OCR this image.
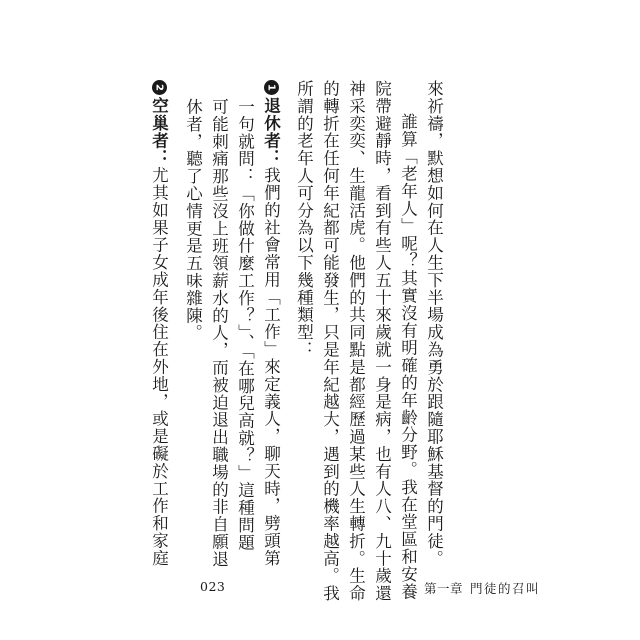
來祈禱，默想如何在人生下半場成為勇於跟隨耶穌基督的門徒。

誰算「老年人」呢？其實沒有明確的年齡分野。我在堂區和安養

院帶避靜時，看到有些人五十來歲就一身是病，也有人八、九十歲還

神采奕奕、生龍活虎。他們的共同點是都經歷過某些人生轉折。生命

的轉折在任何年紀都可能發生，只是年紀越大，遇到的機率越高。我

所謂的老年人可分為以下幾種類型：

1退休者：我們的社會常用「工作」來定義人，聊天時，劈頭第

一句就問：「你做什麼工作？」、「在哪兒高就？」這種問題

可能刺痛那些沒上班領薪水的人，而被迫退出職場的非自願退

休者，聽了心情更是五味雜陳。

2空巢者：尤其如果子女成年後住在外地，或是礙於工作和家庭

023	第一章 門徒的召叫
